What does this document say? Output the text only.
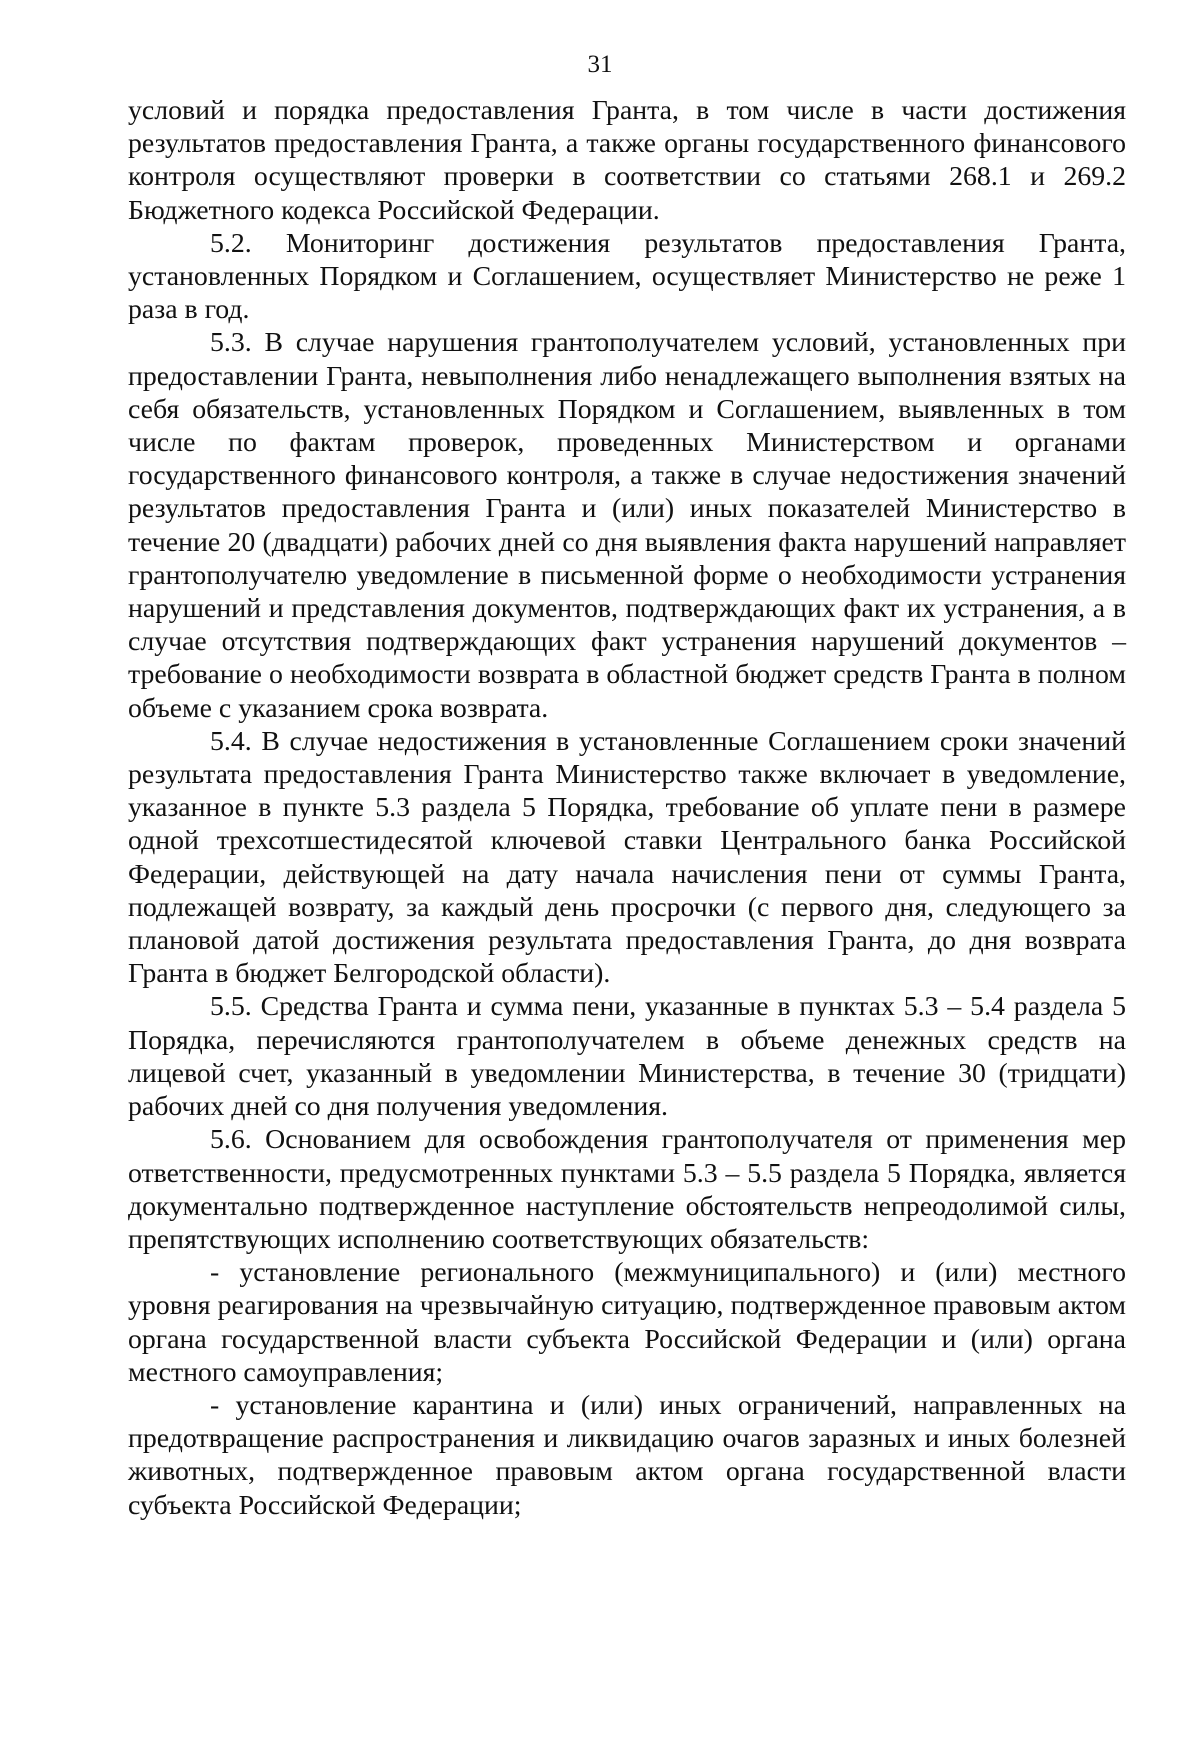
31

условий и порядка предоставления Гранта, в том числе в части достижения результатов предоставления Гранта, а также органы государственного финансового контроля осуществляют проверки в соответствии со статьями 268.1 и 269.2 Бюджетного кодекса Российской Федерации.

5.2. Мониторинг достижения результатов предоставления Гранта, установленных Порядком и Соглашением, осуществляет Министерство не реже 1 раза в год.

5.3. В случае нарушения грантополучателем условий, установленных при предоставлении Гранта, невыполнения либо ненадлежащего выполнения взятых на себя обязательств, установленных Порядком и Соглашением, выявленных в том числе по фактам проверок, проведенных Министерством и органами государственного финансового контроля, а также в случае недостижения значений результатов предоставления Гранта и (или) иных показателей Министерство в течение 20 (двадцати) рабочих дней со дня выявления факта нарушений направляет грантополучателю уведомление в письменной форме о необходимости устранения нарушений и представления документов, подтверждающих факт их устранения, а в случае отсутствия подтверждающих факт устранения нарушений документов – требование о необходимости возврата в областной бюджет средств Гранта в полном объеме с указанием срока возврата.

5.4. В случае недостижения в установленные Соглашением сроки значений результата предоставления Гранта Министерство также включает в уведомление, указанное в пункте 5.3 раздела 5 Порядка, требование об уплате пени в размере одной трехсотшестидесятой ключевой ставки Центрального банка Российской Федерации, действующей на дату начала начисления пени от суммы Гранта, подлежащей возврату, за каждый день просрочки (с первого дня, следующего за плановой датой достижения результата предоставления Гранта, до дня возврата Гранта в бюджет Белгородской области).

5.5. Средства Гранта и сумма пени, указанные в пунктах 5.3 – 5.4 раздела 5 Порядка, перечисляются грантополучателем в объеме денежных средств на лицевой счет, указанный в уведомлении Министерства, в течение 30 (тридцати) рабочих дней со дня получения уведомления.

5.6. Основанием для освобождения грантополучателя от применения мер ответственности, предусмотренных пунктами 5.3 – 5.5 раздела 5 Порядка, является документально подтвержденное наступление обстоятельств непреодолимой силы, препятствующих исполнению соответствующих обязательств:

- установление регионального (межмуниципального) и (или) местного уровня реагирования на чрезвычайную ситуацию, подтвержденное правовым актом органа государственной власти субъекта Российской Федерации и (или) органа местного самоуправления;

- установление карантина и (или) иных ограничений, направленных на предотвращение распространения и ликвидацию очагов заразных и иных болезней животных, подтвержденное правовым актом органа государственной власти субъекта Российской Федерации;
